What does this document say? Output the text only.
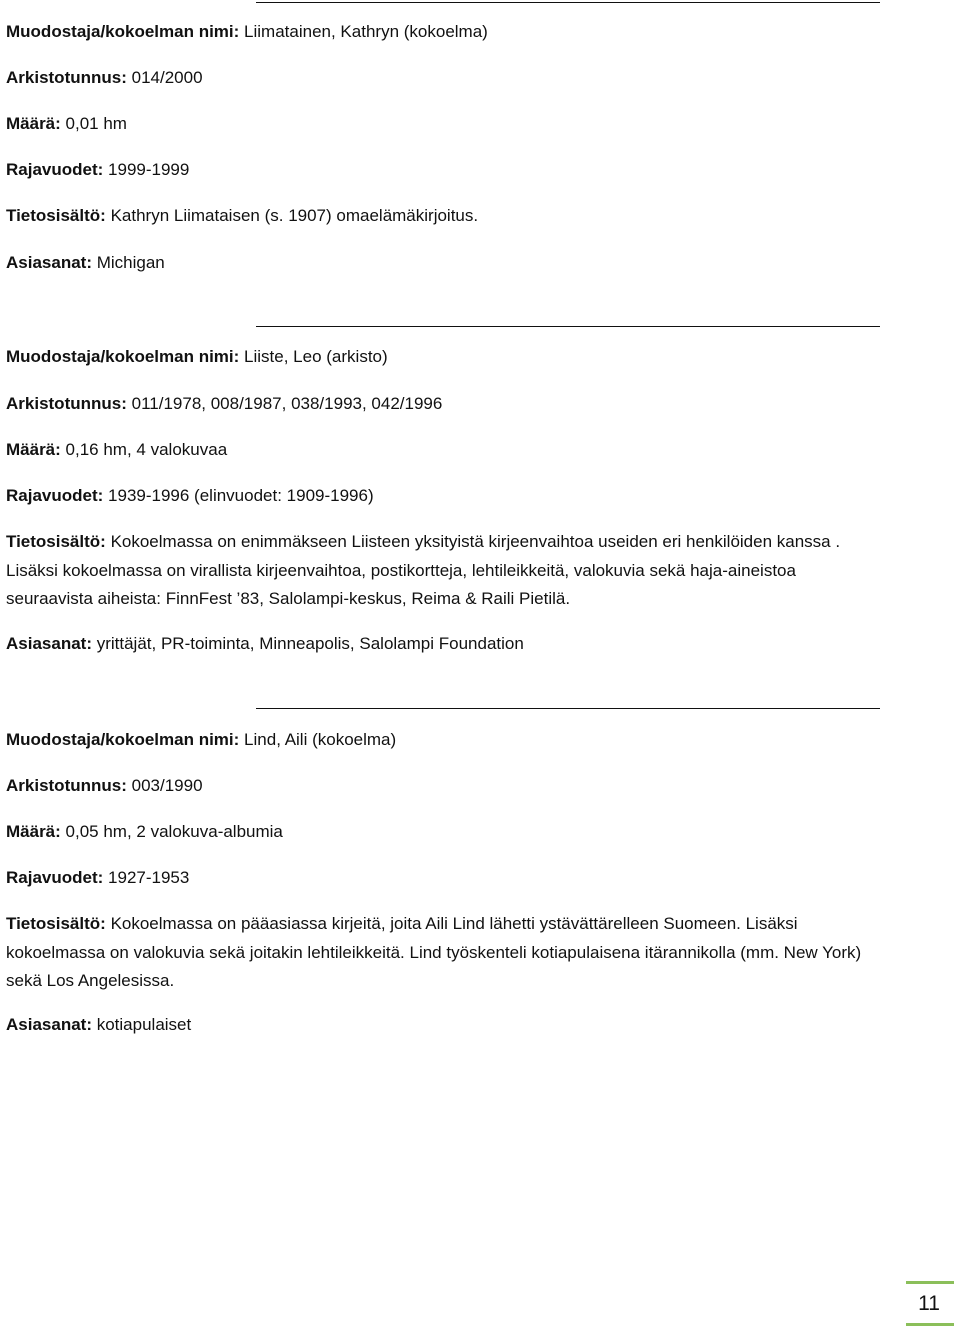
Muodostaja/kokoelman nimi: Liimatainen, Kathryn (kokoelma)
Arkistotunnus: 014/2000
Määrä: 0,01 hm
Rajavuodet: 1999-1999
Tietosisältö: Kathryn Liimataisen (s. 1907) omaelämäkirjoitus.
Asiasanat: Michigan
Muodostaja/kokoelman nimi: Liiste, Leo (arkisto)
Arkistotunnus: 011/1978, 008/1987, 038/1993, 042/1996
Määrä: 0,16 hm, 4 valokuvaa
Rajavuodet: 1939-1996 (elinvuodet: 1909-1996)
Tietosisältö: Kokoelmassa on enimmäkseen Liisteen yksityistä kirjeenvaihtoa useiden eri henkilöiden kanssa . Lisäksi kokoelmassa on virallista kirjeenvaihtoa, postikortteja, lehtileikkeitä, valokuvia sekä haja-aineistoa seuraavista aiheista: FinnFest ’83, Salolampi-keskus, Reima & Raili Pietilä.
Asiasanat: yrittäjät, PR-toiminta, Minneapolis, Salolampi Foundation
Muodostaja/kokoelman nimi: Lind, Aili (kokoelma)
Arkistotunnus: 003/1990
Määrä: 0,05 hm, 2 valokuva-albumia
Rajavuodet: 1927-1953
Tietosisältö: Kokoelmassa on pääasiassa kirjeitä, joita Aili Lind lähetti ystävättärelleen Suomeen. Lisäksi kokoelmassa on valokuvia sekä joitakin lehtileikkeitä. Lind työskenteli kotiapulaisena itärannikolla (mm. New York) sekä Los Angelesissa.
Asiasanat: kotiapulaiset
11
